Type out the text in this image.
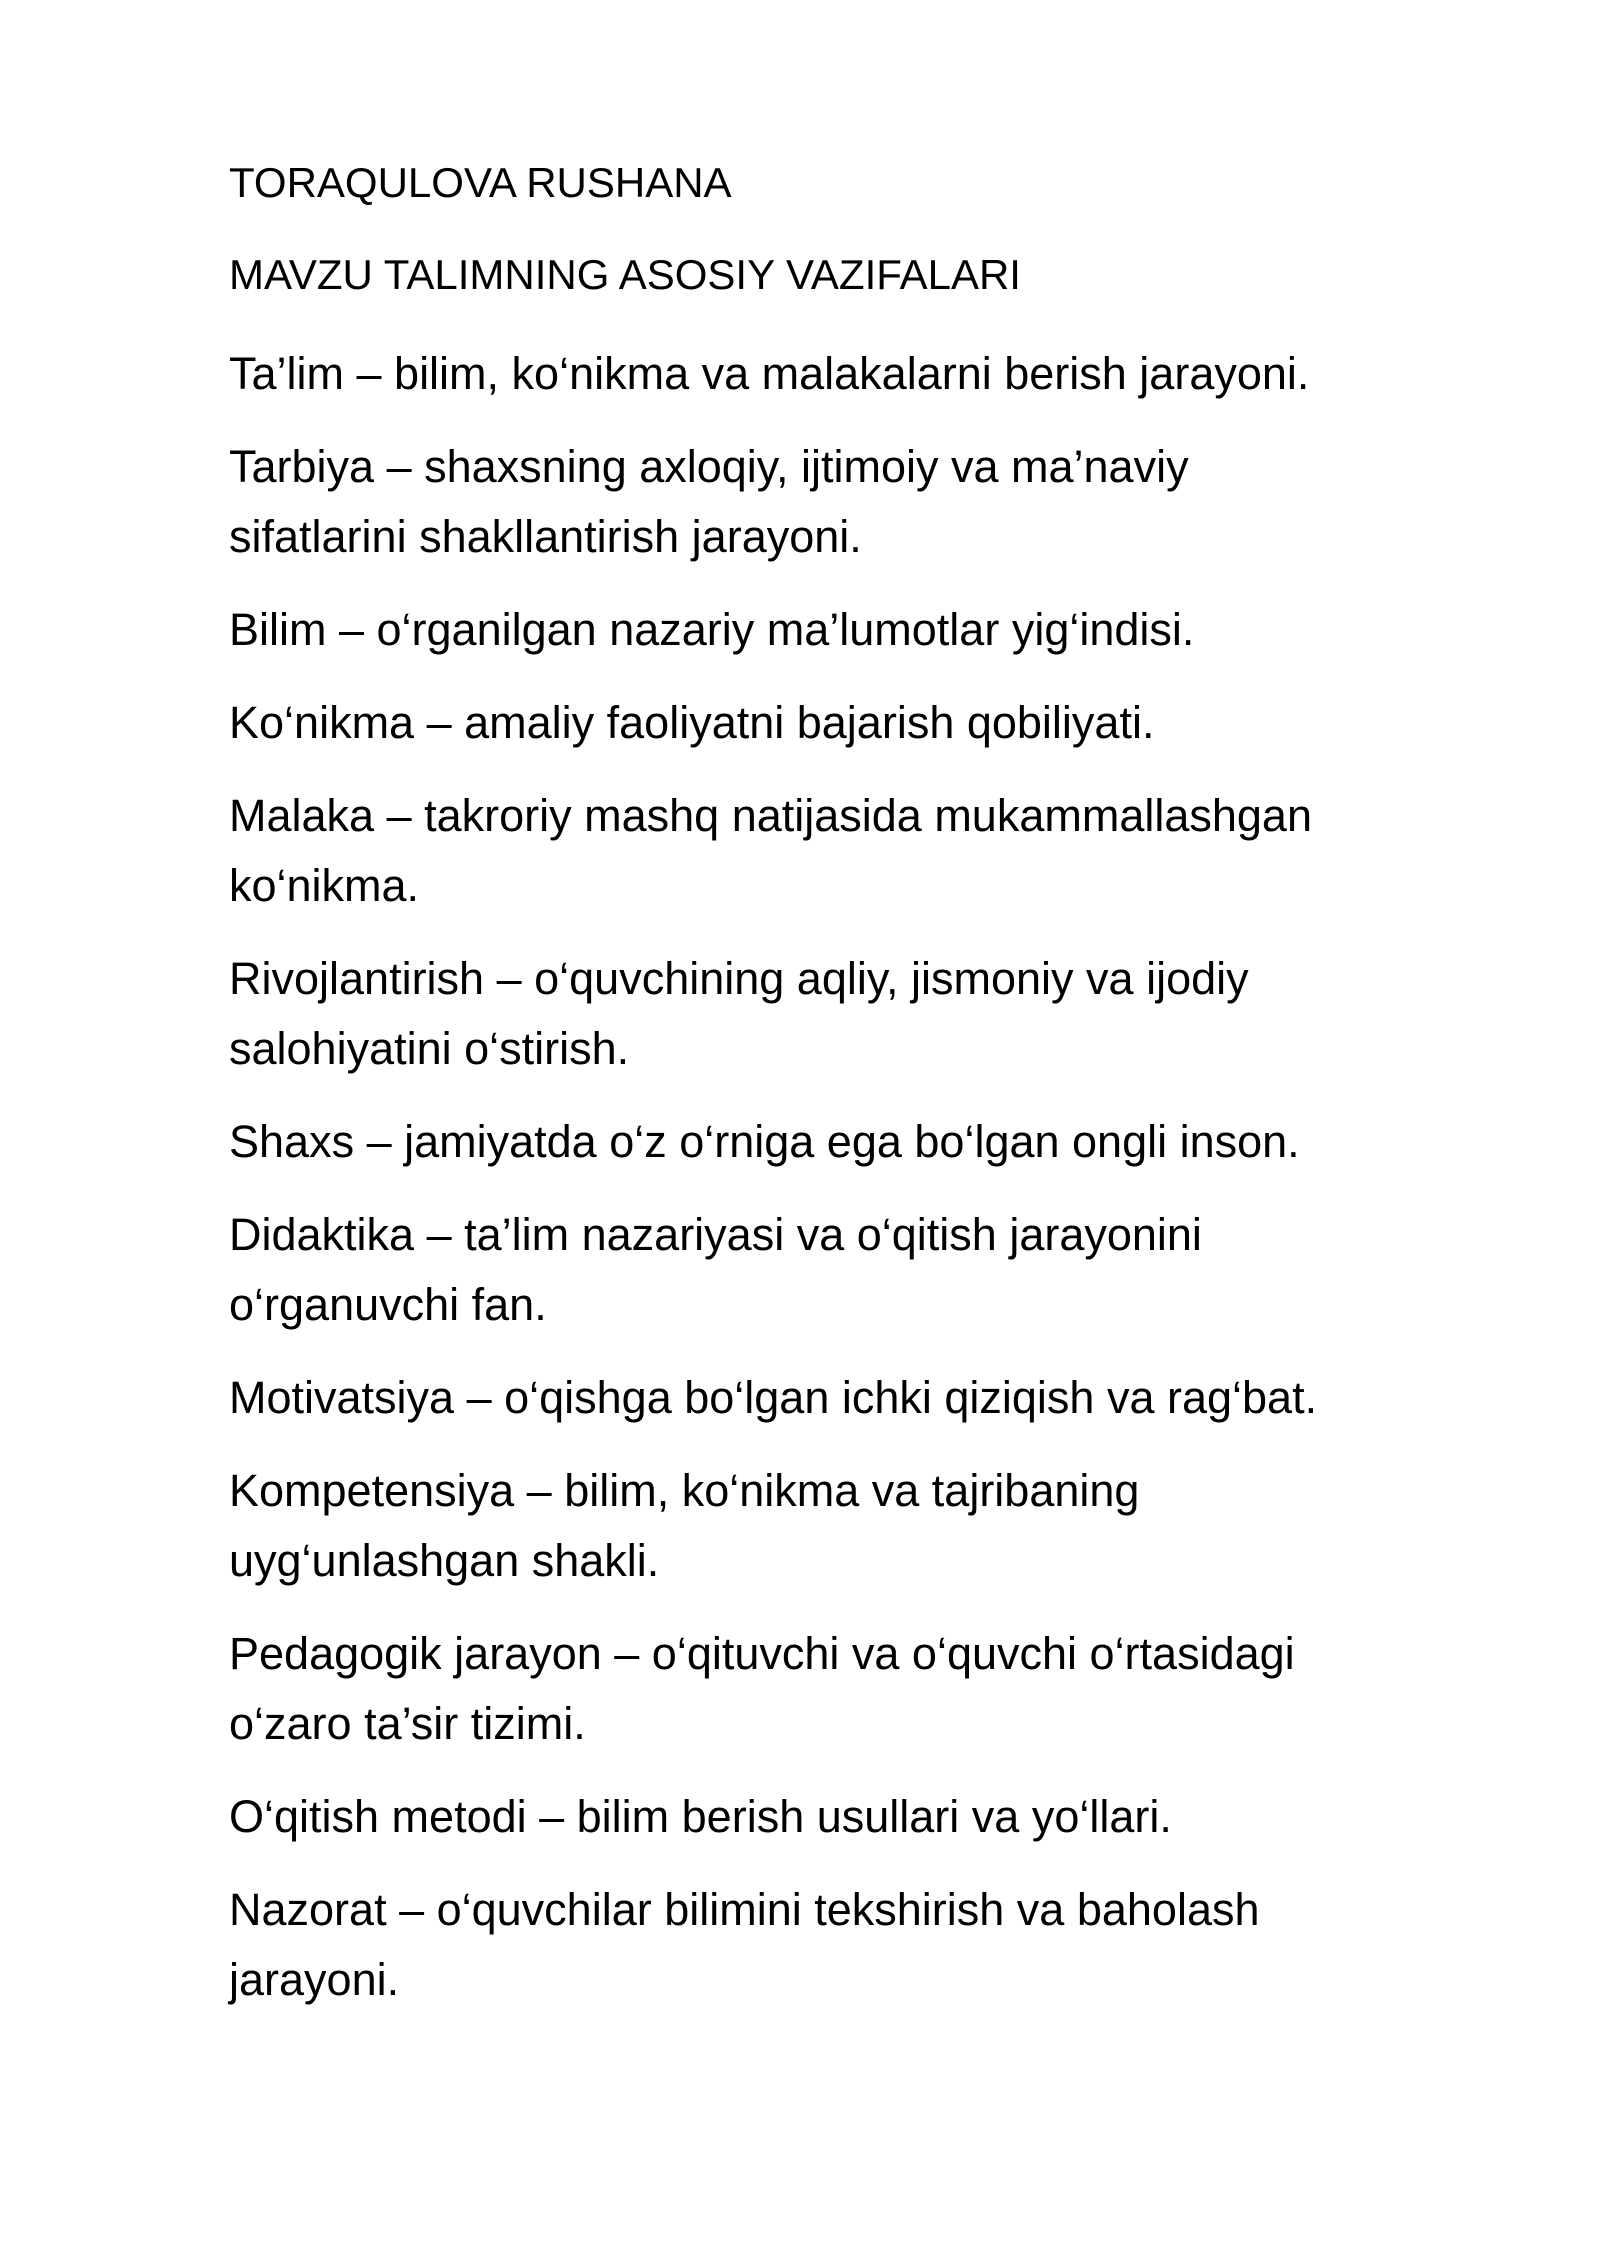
TORAQULOVA RUSHANA

MAVZU TALIMNING ASOSIY VAZIFALARI

Ta’lim – bilim, ko‘nikma va malakalarni berish jarayoni.

Tarbiya – shaxsning axloqiy, ijtimoiy va ma’naviy sifatlarini shakllantirish jarayoni.

Bilim – o‘rganilgan nazariy ma’lumotlar yig‘indisi.

Ko‘nikma – amaliy faoliyatni bajarish qobiliyati.

Malaka – takroriy mashq natijasida mukammallashgan ko‘nikma.

Rivojlantirish – o‘quvchining aqliy, jismoniy va ijodiy salohiyatini o‘stirish.

Shaxs – jamiyatda o‘z o‘rniga ega bo‘lgan ongli inson.

Didaktika – ta’lim nazariyasi va o‘qitish jarayonini o‘rganuvchi fan.

Motivatsiya – o‘qishga bo‘lgan ichki qiziqish va rag‘bat.

Kompetensiya – bilim, ko‘nikma va tajribaning uyg‘unlashgan shakli.

Pedagogik jarayon – o‘qituvchi va o‘quvchi o‘rtasidagi o‘zaro ta’sir tizimi.

O‘qitish metodi – bilim berish usullari va yo‘llari.

Nazorat – o‘quvchilar bilimini tekshirish va baholash jarayoni.
